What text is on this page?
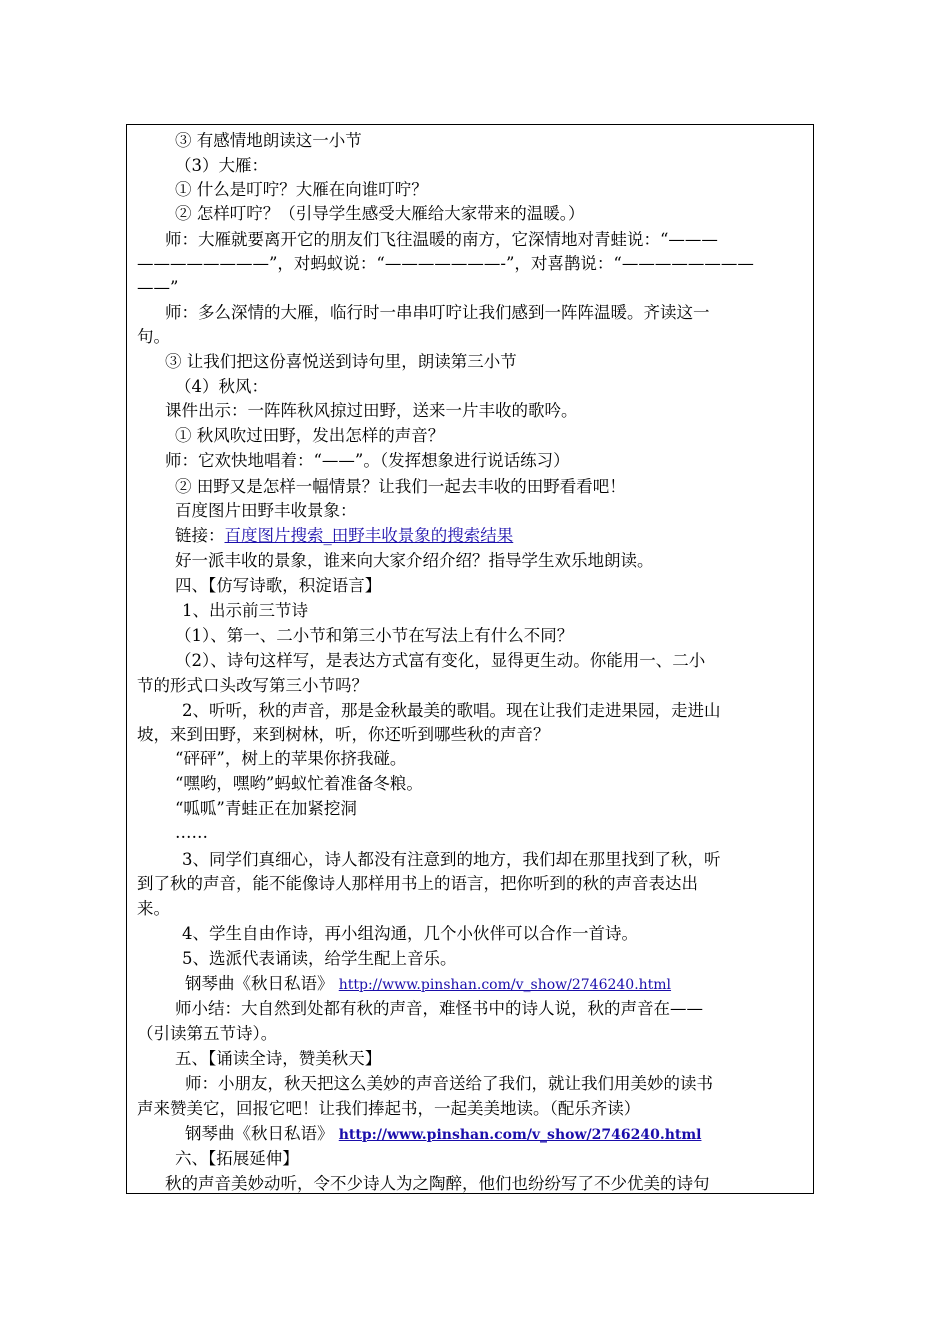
③ 有感情地朗读这一小节
（3）大雁：
① 什么是叮咛？大雁在向谁叮咛？
② 怎样叮咛？（引导学生感受大雁给大家带来的温暖。）
师：大雁就要离开它的朋友们飞往温暖的南方，它深情地对青蛙说：“———
————————”，对蚂蚁说：“———————-”，对喜鹊说：“————————
——”
师：多么深情的大雁，临行时一串串叮咛让我们感到一阵阵温暖。齐读这一
句。
③ 让我们把这份喜悦送到诗句里，朗读第三小节
（4）秋风：
课件出示：一阵阵秋风掠过田野，送来一片丰收的歌吟。
① 秋风吹过田野，发出怎样的声音？
师：它欢快地唱着：“——”。（发挥想象进行说话练习）
② 田野又是怎样一幅情景？让我们一起去丰收的田野看看吧！
百度图片田野丰收景象：
链接：百度图片搜索_田野丰收景象的搜索结果
好一派丰收的景象，谁来向大家介绍介绍？指导学生欢乐地朗读。
四、【仿写诗歌，积淀语言】
1、出示前三节诗
（1）、第一、二小节和第三小节在写法上有什么不同？
（2）、诗句这样写，是表达方式富有变化，显得更生动。你能用一、二小
节的形式口头改写第三小节吗？
2、听听，秋的声音，那是金秋最美的歌唱。现在让我们走进果园，走进山
坡，来到田野，来到树林，听，你还听到哪些秋的声音？
“砰砰”，树上的苹果你挤我碰。
“嘿哟，嘿哟”蚂蚁忙着准备冬粮。
“呱呱”青蛙正在加紧挖洞
……
3、同学们真细心，诗人都没有注意到的地方，我们却在那里找到了秋，听
到了秋的声音，能不能像诗人那样用书上的语言，把你听到的秋的声音表达出
来。
4、学生自由作诗，再小组沟通，几个小伙伴可以合作一首诗。
5、选派代表诵读，给学生配上音乐。
钢琴曲《秋日私语》 http://www.pinshan.com/v_show/2746240.html
师小结：大自然到处都有秋的声音，难怪书中的诗人说，秋的声音在——
（引读第五节诗）。
五、【诵读全诗，赞美秋天】
师：小朋友，秋天把这么美妙的声音送给了我们，就让我们用美妙的读书
声来赞美它，回报它吧！让我们捧起书，一起美美地读。（配乐齐读）
钢琴曲《秋日私语》 http://www.pinshan.com/v_show/2746240.html
六、【拓展延伸】
秋的声音美妙动听，令不少诗人为之陶醉，他们也纷纷写了不少优美的诗句
